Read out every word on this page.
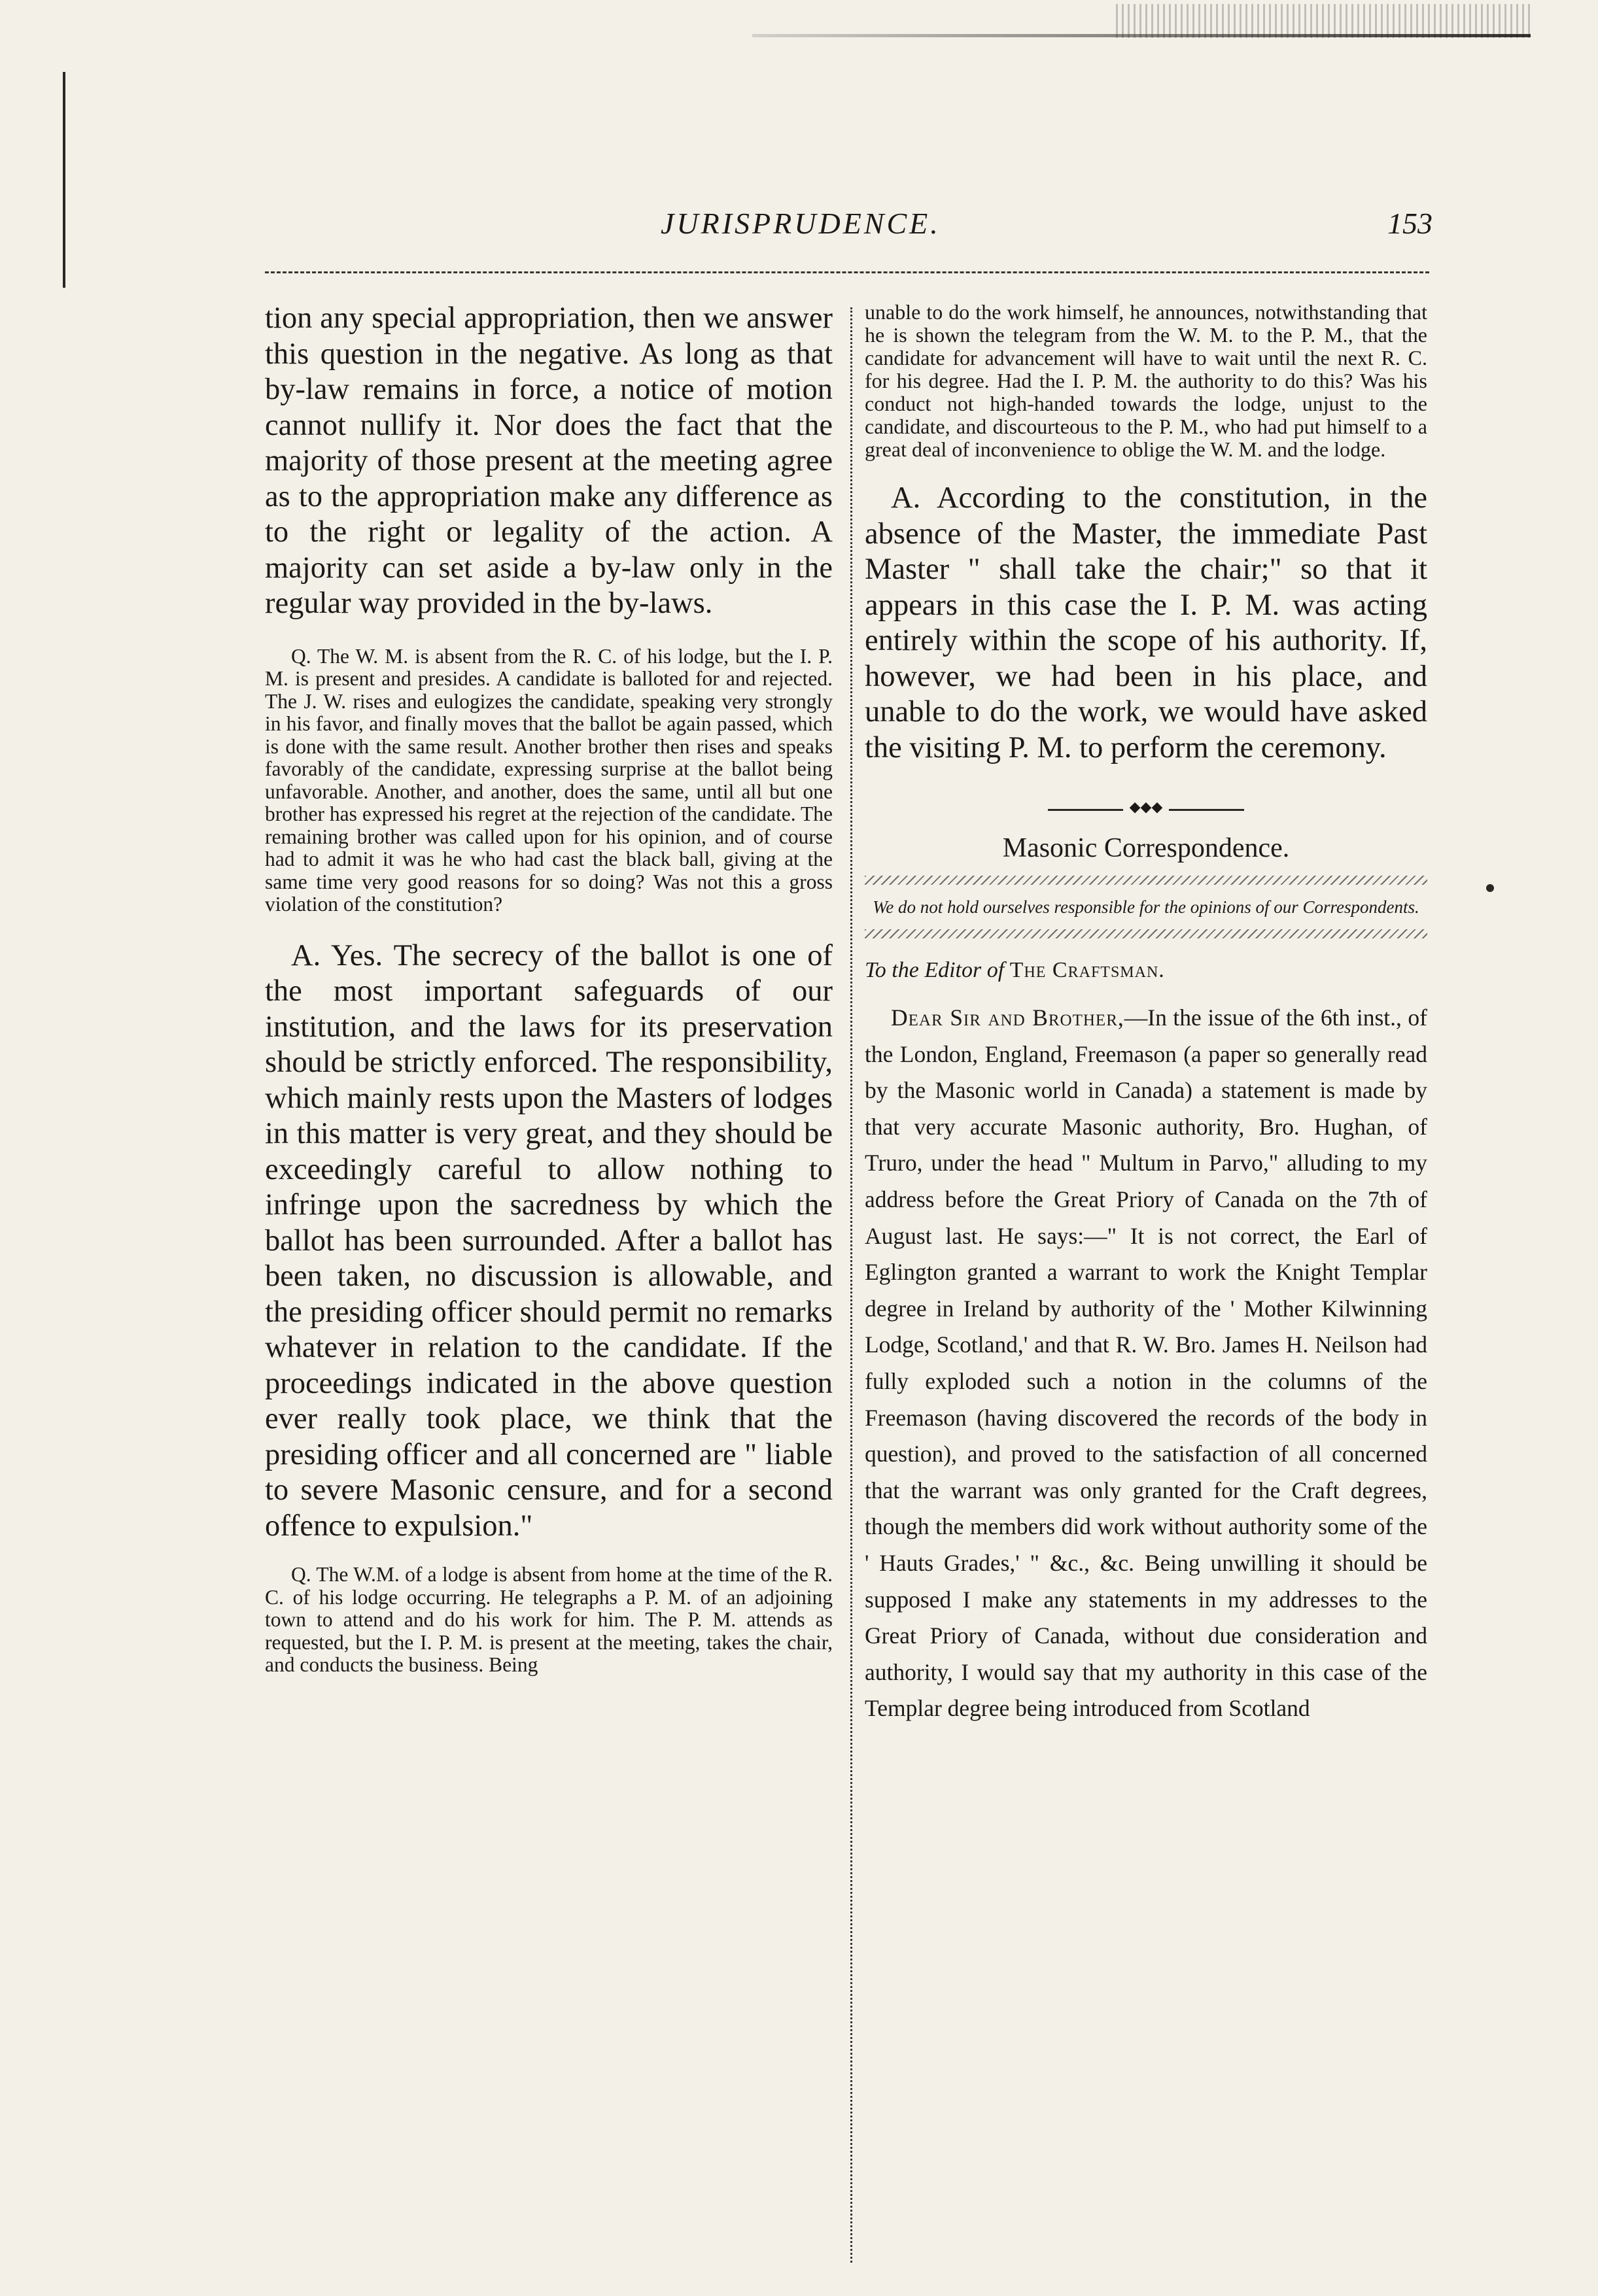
JURISPRUDENCE.	153

tion any special appropriation, then we answer this question in the negative. As long as that by-law remains in force, a notice of motion cannot nullify it. Nor does the fact that the majority of those present at the meeting agree as to the appropriation make any difference as to the right or legality of the action. A majority can set aside a by-law only in the regular way provided in the by-laws.

Q. The W. M. is absent from the R. C. of his lodge, but the I. P. M. is present and presides. A candidate is balloted for and rejected. The J. W. rises and eulogizes the candidate, speaking very strongly in his favor, and finally moves that the ballot be again passed, which is done with the same result. Another brother then rises and speaks favorably of the candidate, expressing surprise at the ballot being unfavorable. Another, and another, does the same, until all but one brother has expressed his regret at the rejection of the candidate. The remaining brother was called upon for his opinion, and of course had to admit it was he who had cast the black ball, giving at the same time very good reasons for so doing? Was not this a gross violation of the constitution?

A. Yes. The secrecy of the ballot is one of the most important safeguards of our institution, and the laws for its preservation should be strictly enforced. The responsibility, which mainly rests upon the Masters of lodges in this matter is very great, and they should be exceedingly careful to allow nothing to infringe upon the sacredness by which the ballot has been surrounded. After a ballot has been taken, no discussion is allowable, and the presiding officer should permit no remarks whatever in relation to the candidate. If the proceedings indicated in the above question ever really took place, we think that the presiding officer and all concerned are " liable to severe Masonic censure, and for a second offence to expulsion."

Q. The W.M. of a lodge is absent from home at the time of the R. C. of his lodge occurring. He telegraphs a P. M. of an adjoining town to attend and do his work for him. The P. M. attends as requested, but the I. P. M. is present at the meeting, takes the chair, and conducts the business. Being

unable to do the work himself, he announces, notwithstanding that he is shown the telegram from the W. M. to the P. M., that the candidate for advancement will have to wait until the next R. C. for his degree. Had the I. P. M. the authority to do this? Was his conduct not high-handed towards the lodge, unjust to the candidate, and discourteous to the P. M., who had put himself to a great deal of inconvenience to oblige the W. M. and the lodge.

A. According to the constitution, in the absence of the Master, the immediate Past Master " shall take the chair;" so that it appears in this case the I. P. M. was acting entirely within the scope of his authority. If, however, we had been in his place, and unable to do the work, we would have asked the visiting P. M. to perform the ceremony.

◆◆◆
Masonic Correspondence.
We do not hold ourselves responsible for the opinions of our Correspondents.
To the Editor of The Craftsman.

Dear Sir and Brother,—In the issue of the 6th inst., of the London, England, Freemason (a paper so generally read by the Masonic world in Canada) a statement is made by that very accurate Masonic authority, Bro. Hughan, of Truro, under the head " Multum in Parvo," alluding to my address before the Great Priory of Canada on the 7th of August last. He says:—" It is not correct, the Earl of Eglington granted a warrant to work the Knight Templar degree in Ireland by authority of the ' Mother Kilwinning Lodge, Scotland,' and that R. W. Bro. James H. Neilson had fully exploded such a notion in the columns of the Freemason (having discovered the records of the body in question), and proved to the satisfaction of all concerned that the warrant was only granted for the Craft degrees, though the members did work without authority some of the ' Hauts Grades,' " &c., &c. Being unwilling it should be supposed I make any statements in my addresses to the Great Priory of Canada, without due consideration and authority, I would say that my authority in this case of the Templar degree being introduced from Scotland
